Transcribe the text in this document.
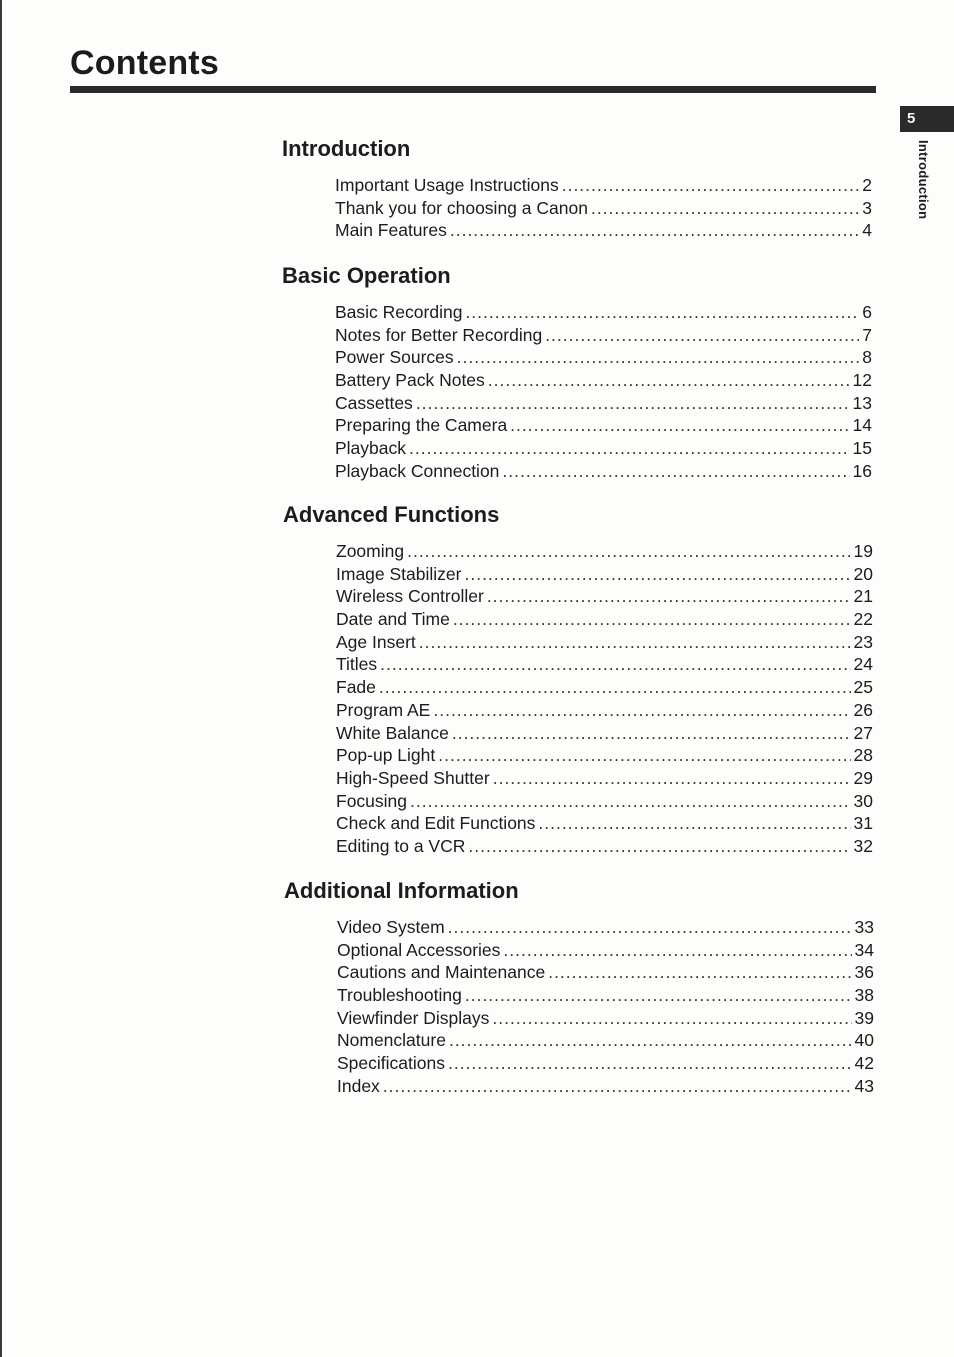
Contents
5
Introduction
Introduction
Important Usage Instructions .....	2
Thank you for choosing a Canon .....	3
Main Features .....	4
Basic Operation
Basic Recording .....	6
Notes for Better Recording .....	7
Power Sources .....	8
Battery Pack Notes .....	12
Cassettes .....	13
Preparing the Camera .....	14
Playback .....	15
Playback Connection .....	16
Advanced Functions
Zooming .....	19
Image Stabilizer .....	20
Wireless Controller .....	21
Date and Time .....	22
Age Insert .....	23
Titles .....	24
Fade .....	25
Program AE .....	26
White Balance .....	27
Pop-up Light .....	28
High-Speed Shutter .....	29
Focusing .....	30
Check and Edit Functions .....	31
Editing to a VCR .....	32
Additional Information
Video System .....	33
Optional Accessories .....	34
Cautions and Maintenance .....	36
Troubleshooting .....	38
Viewfinder Displays .....	39
Nomenclature .....	40
Specifications .....	42
Index .....	43
